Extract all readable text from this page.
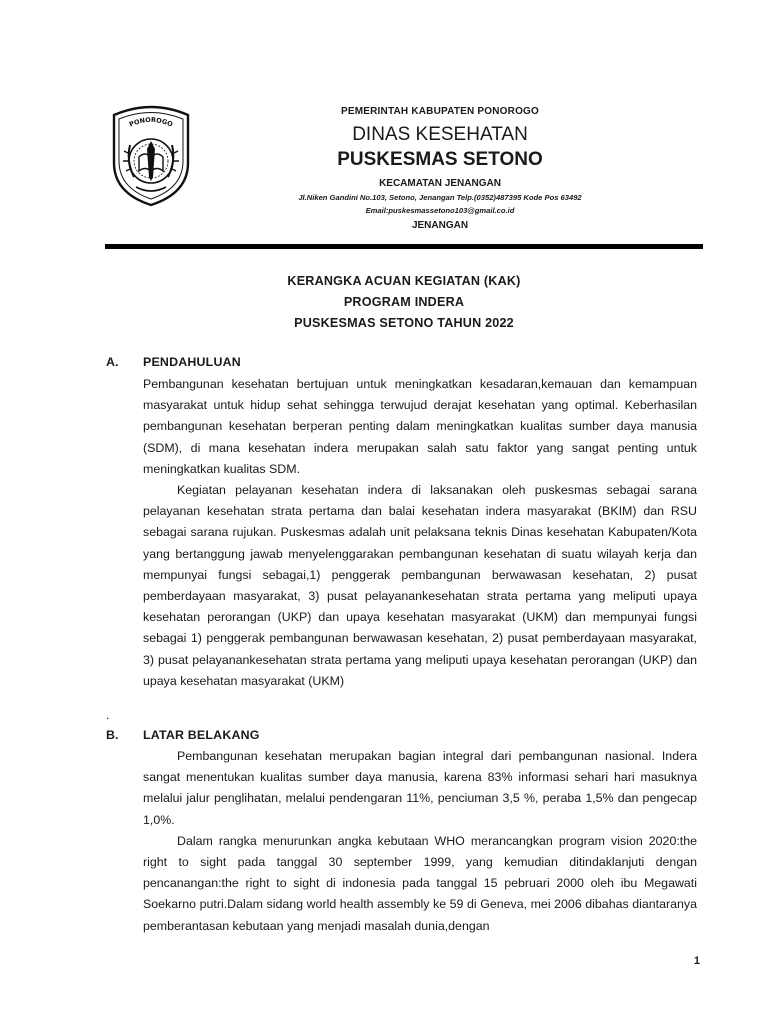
PONOROGO

PEMERINTAH KABUPATEN PONOROGO

DINAS KESEHATAN

PUSKESMAS SETONO

KECAMATAN JENANGAN

Jl.Niken Gandini No.103, Setono, Jenangan Telp.(0352)487395 Kode Pos 63492

Email:puskesmassetono103@gmail.co.id

JENANGAN

KERANGKA ACUAN KEGIATAN (KAK)

PROGRAM INDERA

PUSKESMAS SETONO TAHUN 2022

A. PENDAHULUAN

Pembangunan kesehatan bertujuan untuk meningkatkan kesadaran,kemauan dan kemampuan masyarakat untuk hidup sehat sehingga terwujud derajat kesehatan yang optimal. Keberhasilan pembangunan kesehatan berperan penting dalam meningkatkan kualitas sumber daya manusia (SDM), di mana kesehatan indera merupakan salah satu faktor yang sangat penting untuk meningkatkan kualitas SDM.

Kegiatan pelayanan kesehatan indera di laksanakan oleh puskesmas sebagai sarana pelayanan kesehatan strata pertama dan balai kesehatan indera masyarakat (BKIM) dan RSU sebagai sarana rujukan. Puskesmas adalah unit pelaksana teknis Dinas kesehatan Kabupaten/Kota yang bertanggung jawab menyelenggarakan pembangunan kesehatan di suatu wilayah kerja dan mempunyai fungsi sebagai,1) penggerak pembangunan berwawasan kesehatan, 2) pusat pemberdayaan masyarakat, 3) pusat pelayanankesehatan strata pertama yang meliputi upaya kesehatan perorangan (UKP) dan upaya kesehatan masyarakat (UKM) dan mempunyai fungsi sebagai 1) penggerak pembangunan berwawasan kesehatan, 2) pusat pemberdayaan masyarakat, 3) pusat pelayanankesehatan strata pertama yang meliputi upaya kesehatan perorangan (UKP) dan upaya kesehatan masyarakat (UKM)

.

B. LATAR BELAKANG

Pembangunan kesehatan merupakan bagian integral dari pembangunan nasional. Indera sangat menentukan kualitas sumber daya manusia, karena 83% informasi sehari hari masuknya melalui jalur penglihatan, melalui pendengaran 11%, penciuman 3,5 %, peraba 1,5% dan pengecap 1,0%.

Dalam rangka menurunkan angka kebutaan WHO merancangkan program vision 2020:the right to sight pada tanggal 30 september 1999, yang kemudian ditindaklanjuti dengan pencanangan:the right to sight di indonesia pada tanggal 15 pebruari 2000 oleh ibu Megawati Soekarno putri.Dalam sidang world health assembly ke 59 di Geneva, mei 2006 dibahas diantaranya pemberantasan kebutaan yang menjadi masalah dunia,dengan

1
